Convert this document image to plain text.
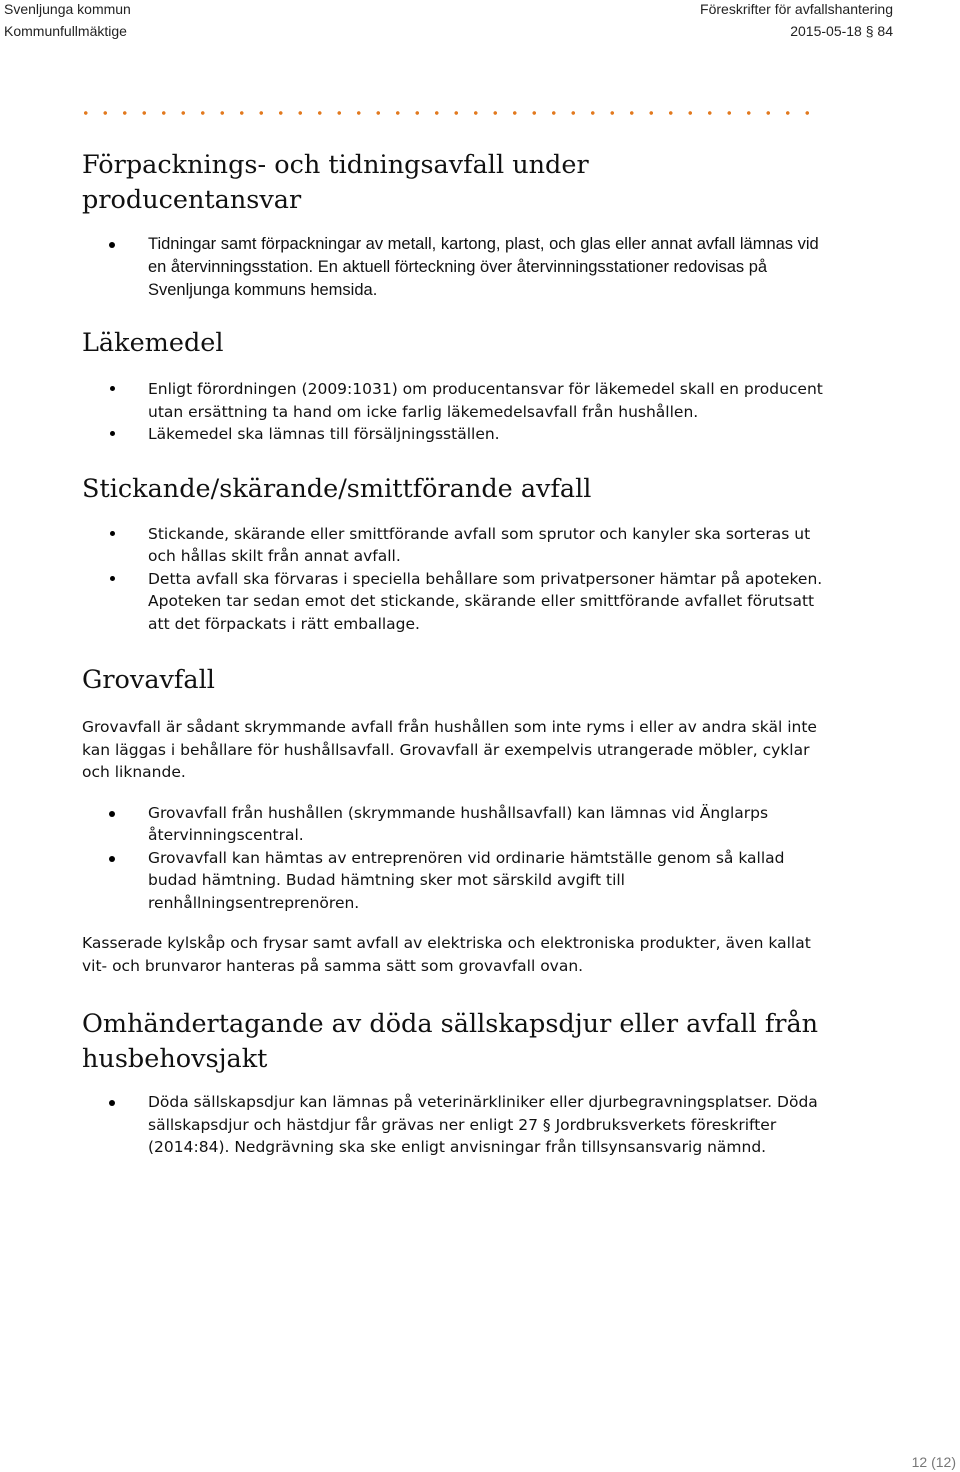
Svenljunga kommun
Kommunfullmäktige
Föreskrifter för avfallshantering
2015-05-18 § 84
Förpacknings- och tidningsavfall under producentansvar
Tidningar samt förpackningar av metall, kartong, plast, och glas eller annat avfall lämnas vid en återvinningsstation. En aktuell förteckning över återvinningsstationer redovisas på Svenljunga kommuns hemsida.
Läkemedel
Enligt förordningen (2009:1031) om producentansvar för läkemedel skall en producent utan ersättning ta hand om icke farlig läkemedelsavfall från hushållen.
Läkemedel ska lämnas till försäljningsställen.
Stickande/skärande/smittförande avfall
Stickande, skärande eller smittförande avfall som sprutor och kanyler ska sorteras ut och hållas skilt från annat avfall.
Detta avfall ska förvaras i speciella behållare som privatpersoner hämtar på apoteken. Apoteken tar sedan emot det stickande, skärande eller smittförande avfallet förutsatt att det förpackats i rätt emballage.
Grovavfall

Grovavfall är sådant skrymmande avfall från hushållen som inte ryms i eller av andra skäl inte kan läggas i behållare för hushållsavfall. Grovavfall är exempelvis utrangerade möbler, cyklar och liknande.

Grovavfall från hushållen (skrymmande hushållsavfall) kan lämnas vid Änglarps återvinningscentral.
Grovavfall kan hämtas av entreprenören vid ordinarie hämtställe genom så kallad budad hämtning. Budad hämtning sker mot särskild avgift till renhållningsentreprenören.

Kasserade kylskåp och frysar samt avfall av elektriska och elektroniska produkter, även kallat vit- och brunvaror hanteras på samma sätt som grovavfall ovan.

Omhändertagande av döda sällskapsdjur eller avfall från husbehovsjakt
Döda sällskapsdjur kan lämnas på veterinärkliniker eller djurbegravningsplatser. Döda sällskapsdjur och hästdjur får grävas ner enligt 27 § Jordbruksverkets föreskrifter (2014:84). Nedgrävning ska ske enligt anvisningar från tillsynsansvarig nämnd.
12 (12)
